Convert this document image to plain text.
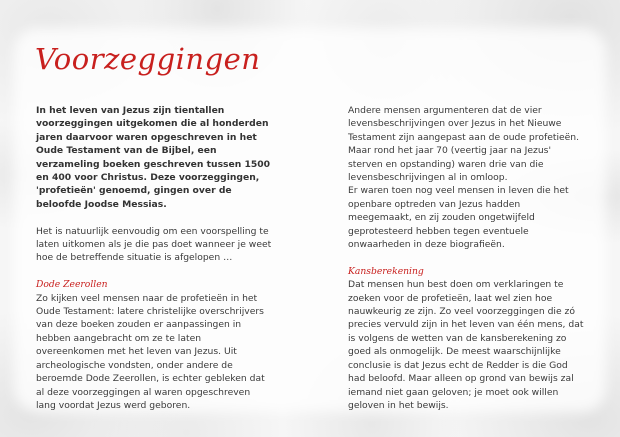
Voorzeggingen

In het leven van Jezus zijn tientallen voorzeggingen uitgekomen die al honderden jaren daarvoor waren opgeschreven in het Oude Testament van de Bijbel, een verzameling boeken geschreven tussen 1500 en 400 voor Christus. Deze voorzeggingen, 'profetieën' genoemd, gingen over de beloofde Joodse Messias.

Het is natuurlijk eenvoudig om een voorspelling te laten uitkomen als je die pas doet wanneer je weet hoe de betreffende situatie is afgelopen …

Dode Zeerollen

Zo kijken veel mensen naar de profetieën in het Oude Testament: latere christelijke overschrijvers van deze boeken zouden er aanpassingen in hebben aangebracht om ze te laten overeenkomen met het leven van Jezus. Uit archeologische vondsten, onder andere de beroemde Dode Zeerollen, is echter gebleken dat al deze voorzeggingen al waren opgeschreven lang voordat Jezus werd geboren.

Andere mensen argumenteren dat de vier levensbeschrijvingen over Jezus in het Nieuwe Testament zijn aangepast aan de oude profetieën. Maar rond het jaar 70 (veertig jaar na Jezus' sterven en opstanding) waren drie van die levensbeschrijvingen al in omloop.

Er waren toen nog veel mensen in leven die het openbare optreden van Jezus hadden meegemaakt, en zij zouden ongetwijfeld geprotesteerd hebben tegen eventuele onwaarheden in deze biografieën.

Kansberekening

Dat mensen hun best doen om verklaringen te zoeken voor de profetieën, laat wel zien hoe nauwkeurig ze zijn. Zo veel voorzeggingen die zó precies vervuld zijn in het leven van één mens, dat is volgens de wetten van de kansberekening zo goed als onmogelijk. De meest waarschijnlijke conclusie is dat Jezus echt de Redder is die God had beloofd. Maar alleen op grond van bewijs zal iemand niet gaan geloven; je moet ook willen geloven in het bewijs.
